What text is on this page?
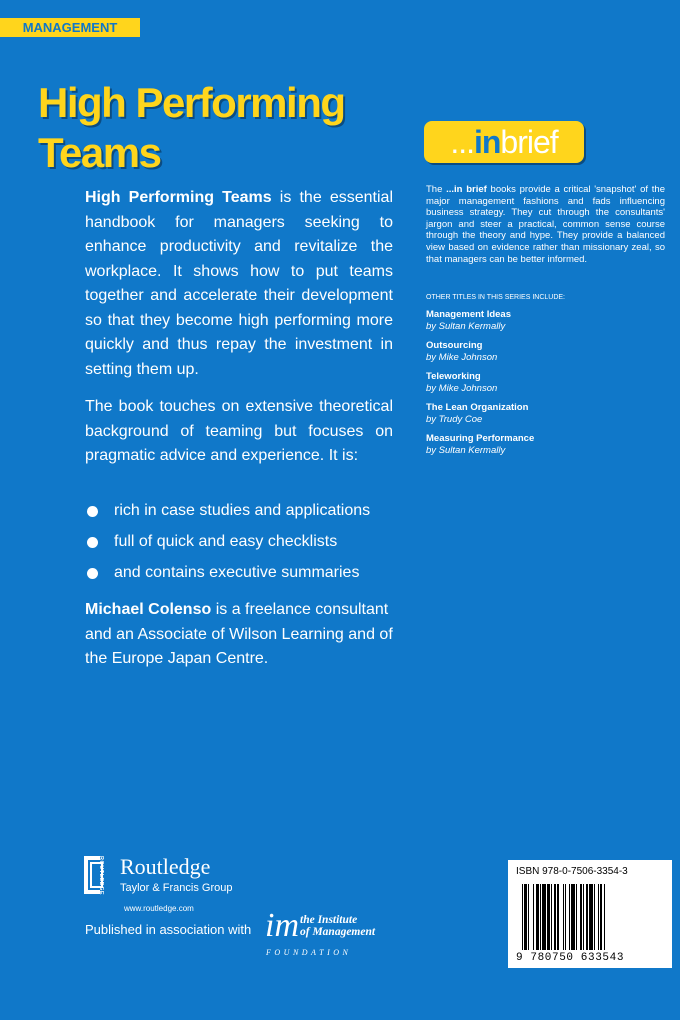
MANAGEMENT
High Performing
Teams

High Performing Teams is the essential handbook for managers seeking to enhance productivity and revitalize the workplace. It shows how to put teams together and accelerate their development so that they become high performing more quickly and thus repay the investment in setting them up.

The book touches on extensive theoretical background of teaming but focuses on pragmatic advice and experience. It is:

rich in case studies and applications
full of quick and easy checklists
and contains executive summaries

Michael Colenso is a freelance consultant and an Associate of Wilson Learning and of the Europe Japan Centre.

...inbrief

The ...in brief books provide a critical 'snapshot' of the major management fashions and fads influencing business strategy. They cut through the consultants' jargon and steer a practical, common sense course through the theory and hype. They provide a balanced view based on evidence rather than missionary zeal, so that managers can be better informed.

OTHER TITLES IN THIS SERIES INCLUDE:

Management Ideas
by Sultan Kermally
Outsourcing
by Mike Johnson
Teleworking
by Mike Johnson
The Lean Organization
by Trudy Coe
Measuring Performance
by Sultan Kermally
ROUTLEDGE Routledge
Taylor & Francis Group
www.routledge.com
Published in association with im the Institute
of Management
FOUNDATION
ISBN 978-0-7506-3354-3
9 780750 633543
